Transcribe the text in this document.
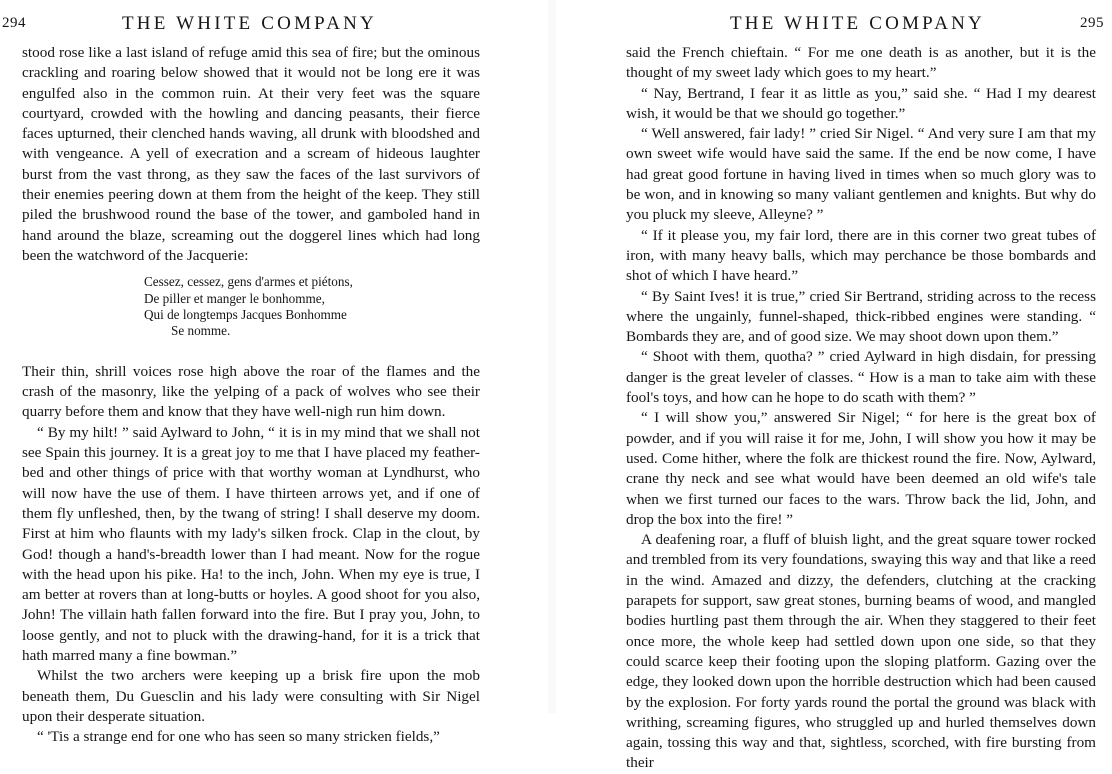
294	THE WHITE COMPANY

stood rose like a last island of refuge amid this sea of fire; but the ominous crackling and roaring below showed that it would not be long ere it was engulfed also in the common ruin. At their very feet was the square courtyard, crowded with the howling and dancing peasants, their fierce faces upturned, their clenched hands waving, all drunk with bloodshed and with vengeance. A yell of execration and a scream of hideous laughter burst from the vast throng, as they saw the faces of the last survivors of their enemies peering down at them from the height of the keep. They still piled the brushwood round the base of the tower, and gamboled hand in hand around the blaze, screaming out the doggerel lines which had long been the watchword of the Jacquerie:

Cessez, cessez, gens d'armes et piétons,
De piller et manger le bonhomme,
Qui de longtemps Jacques Bonhomme
Se nomme.

Their thin, shrill voices rose high above the roar of the flames and the crash of the masonry, like the yelping of a pack of wolves who see their quarry before them and know that they have well-nigh run him down.

“ By my hilt! ” said Aylward to John, “ it is in my mind that we shall not see Spain this journey. It is a great joy to me that I have placed my feather-bed and other things of price with that worthy woman at Lyndhurst, who will now have the use of them. I have thirteen arrows yet, and if one of them fly unfleshed, then, by the twang of string! I shall deserve my doom. First at him who flaunts with my lady's silken frock. Clap in the clout, by God! though a hand's-breadth lower than I had meant. Now for the rogue with the head upon his pike. Ha! to the inch, John. When my eye is true, I am better at rovers than at long-butts or hoyles. A good shoot for you also, John! The villain hath fallen forward into the fire. But I pray you, John, to loose gently, and not to pluck with the drawing-hand, for it is a trick that hath marred many a fine bowman.”

Whilst the two archers were keeping up a brisk fire upon the mob beneath them, Du Guesclin and his lady were consulting with Sir Nigel upon their desperate situation.

“ 'Tis a strange end for one who has seen so many stricken fields,”

THE WHITE COMPANY	295

said the French chieftain. “ For me one death is as another, but it is the thought of my sweet lady which goes to my heart.”

“ Nay, Bertrand, I fear it as little as you,” said she. “ Had I my dearest wish, it would be that we should go together.”

“ Well answered, fair lady! ” cried Sir Nigel. “ And very sure I am that my own sweet wife would have said the same. If the end be now come, I have had great good fortune in having lived in times when so much glory was to be won, and in knowing so many valiant gentlemen and knights. But why do you pluck my sleeve, Alleyne? ”

“ If it please you, my fair lord, there are in this corner two great tubes of iron, with many heavy balls, which may perchance be those bombards and shot of which I have heard.”

“ By Saint Ives! it is true,” cried Sir Bertrand, striding across to the recess where the ungainly, funnel-shaped, thick-ribbed engines were standing. “ Bombards they are, and of good size. We may shoot down upon them.”

“ Shoot with them, quotha? ” cried Aylward in high disdain, for pressing danger is the great leveler of classes. “ How is a man to take aim with these fool's toys, and how can he hope to do scath with them? ”

“ I will show you,” answered Sir Nigel; “ for here is the great box of powder, and if you will raise it for me, John, I will show you how it may be used. Come hither, where the folk are thickest round the fire. Now, Aylward, crane thy neck and see what would have been deemed an old wife's tale when we first turned our faces to the wars. Throw back the lid, John, and drop the box into the fire! ”

A deafening roar, a fluff of bluish light, and the great square tower rocked and trembled from its very foundations, swaying this way and that like a reed in the wind. Amazed and dizzy, the defenders, clutching at the cracking parapets for support, saw great stones, burning beams of wood, and mangled bodies hurtling past them through the air. When they staggered to their feet once more, the whole keep had settled down upon one side, so that they could scarce keep their footing upon the sloping platform. Gazing over the edge, they looked down upon the horrible destruction which had been caused by the explosion. For forty yards round the portal the ground was black with writhing, screaming figures, who struggled up and hurled themselves down again, tossing this way and that, sightless, scorched, with fire bursting from their
